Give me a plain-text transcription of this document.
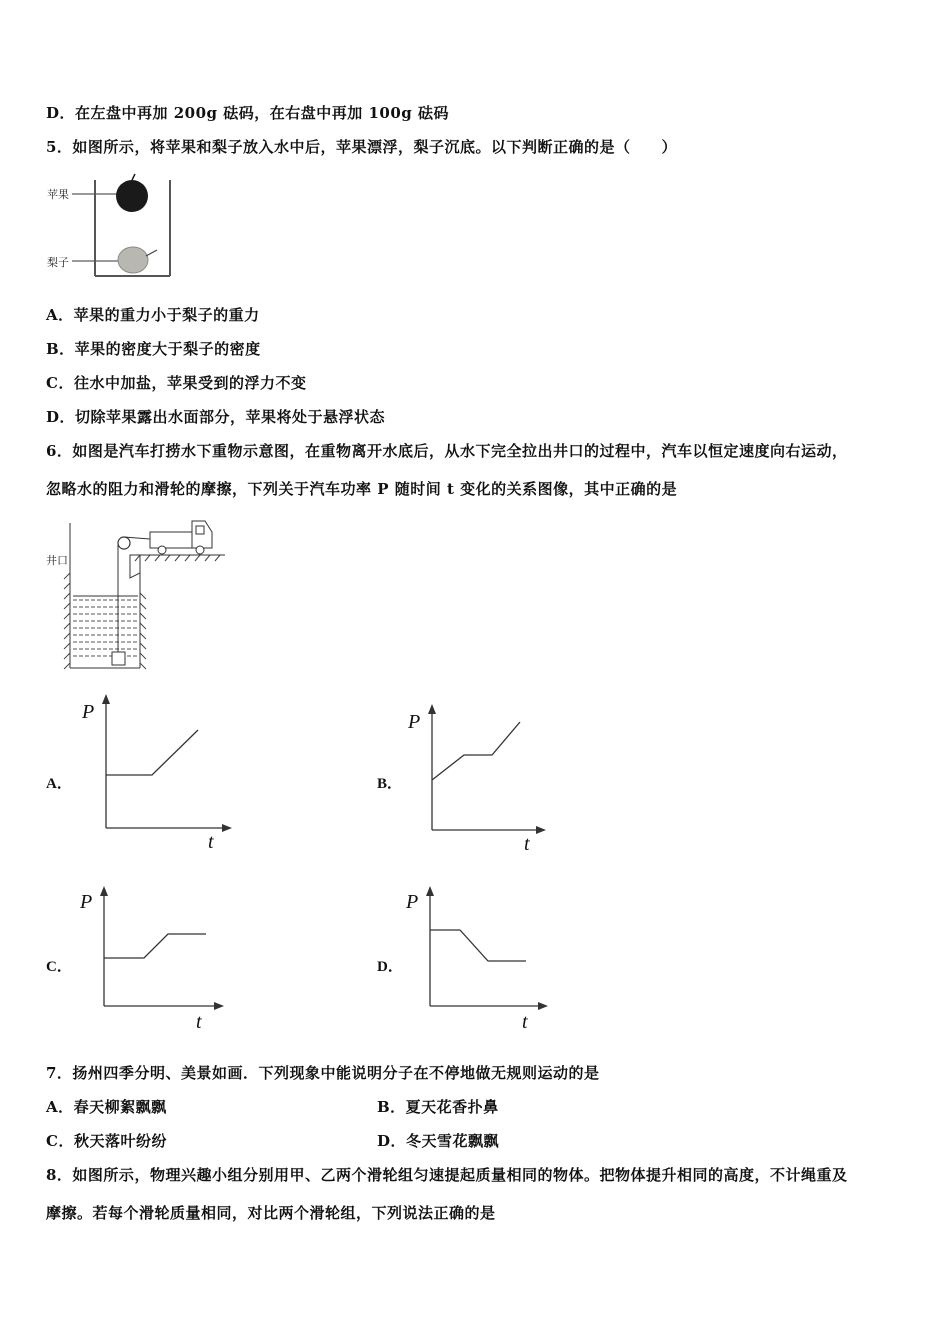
D．在左盘中再加 200g 砝码，在右盘中再加 100g 砝码
5．如图所示，将苹果和梨子放入水中后，苹果漂浮，梨子沉底。以下判断正确的是（　　）
苹果
梨子
A．苹果的重力小于梨子的重力
B．苹果的密度大于梨子的密度
C．往水中加盐，苹果受到的浮力不变
D．切除苹果露出水面部分，苹果将处于悬浮状态
6．如图是汽车打捞水下重物示意图，在重物离开水底后，从水下完全拉出井口的过程中，汽车以恒定速度向右运动，
忽略水的阻力和滑轮的摩擦，下列关于汽车功率 P 随时间 t 变化的关系图像，其中正确的是
井口
A．
P
t
B．
P
t
C．
P
t
D．
P
t
7．扬州四季分明、美景如画．下列现象中能说明分子在不停地做无规则运动的是
A．春天柳絮飘飘	B．夏天花香扑鼻
C．秋天落叶纷纷	D．冬天雪花飘飘
8．如图所示，物理兴趣小组分别用甲、乙两个滑轮组匀速提起质量相同的物体。把物体提升相同的高度，不计绳重及
摩擦。若每个滑轮质量相同，对比两个滑轮组，下列说法正确的是
